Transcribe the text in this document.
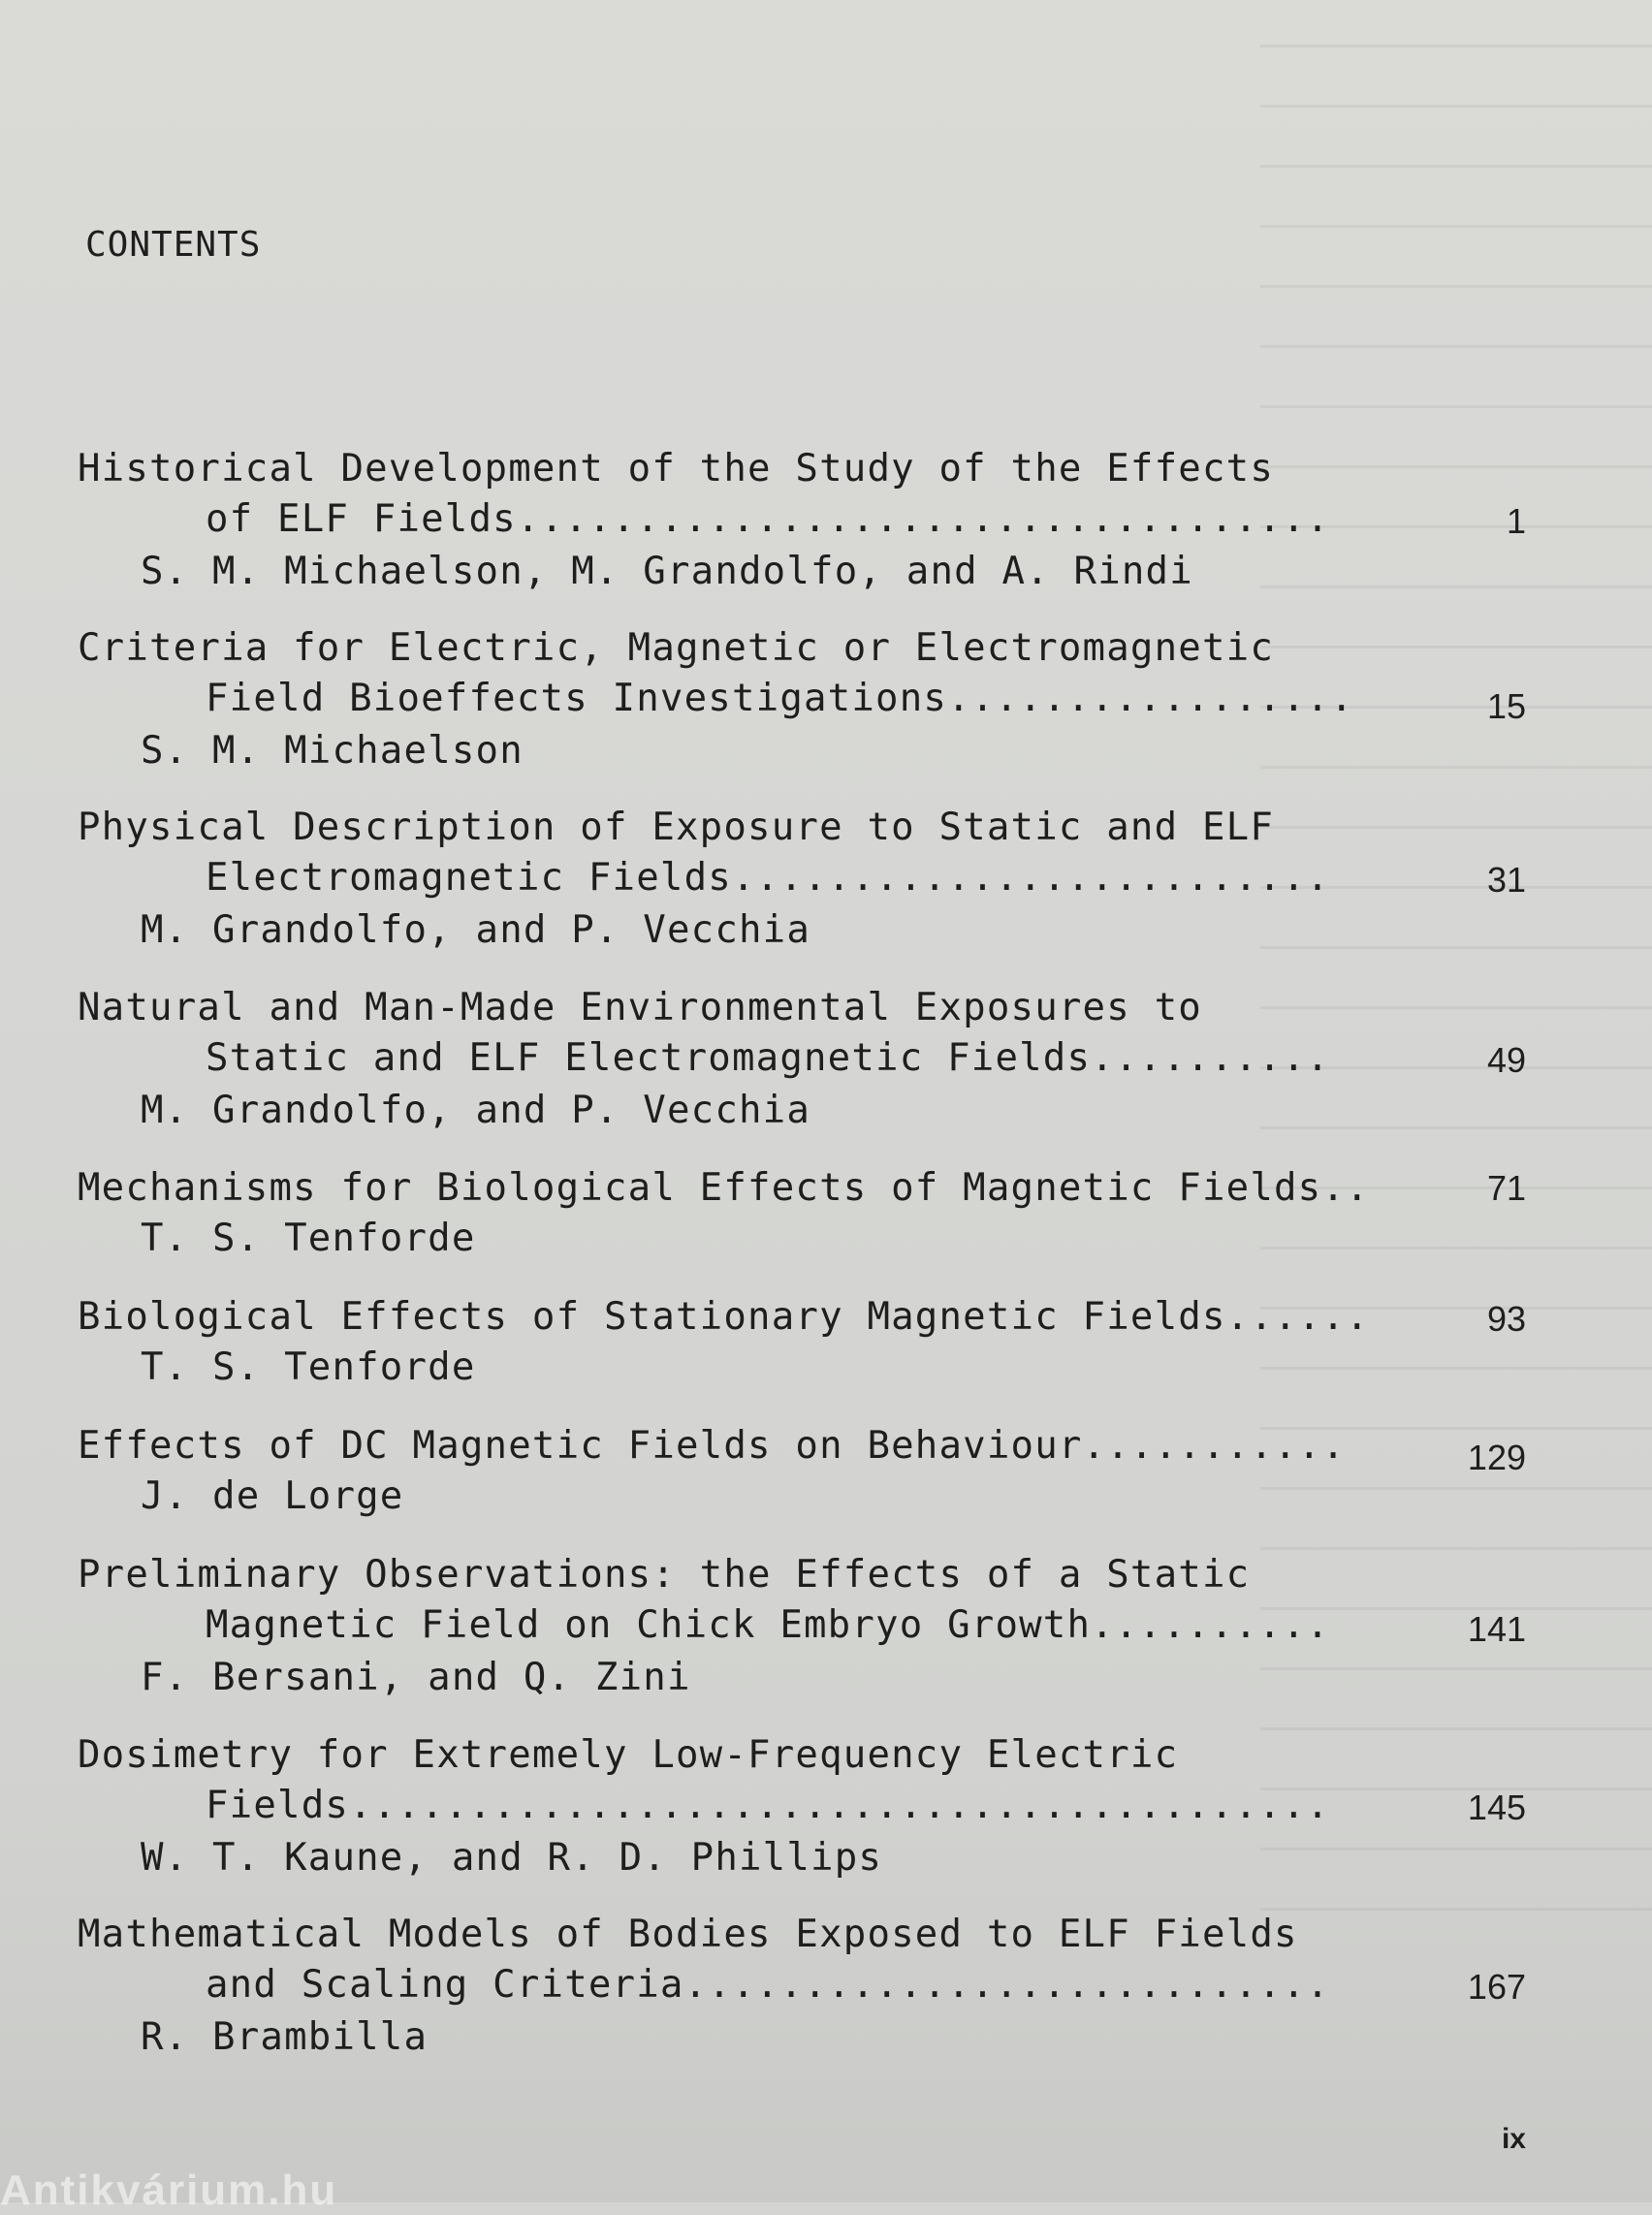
CONTENTS
Historical Development of the Study of the Effects
of ELF Fields..................................	1
S. M. Michaelson, M. Grandolfo, and A. Rindi
Criteria for Electric, Magnetic or Electromagnetic
Field Bioeffects Investigations.................	15
S. M. Michaelson
Physical Description of Exposure to Static and ELF
Electromagnetic Fields.........................	31
M. Grandolfo, and P. Vecchia
Natural and Man-Made Environmental Exposures to
Static and ELF Electromagnetic Fields..........	49
M. Grandolfo, and P. Vecchia
Mechanisms for Biological Effects of Magnetic Fields..	71
T. S. Tenforde
Biological Effects of Stationary Magnetic Fields......	93
T. S. Tenforde
Effects of DC Magnetic Fields on Behaviour...........	129
J. de Lorge
Preliminary Observations: the Effects of a Static
Magnetic Field on Chick Embryo Growth..........	141
F. Bersani, and Q. Zini
Dosimetry for Extremely Low-Frequency Electric
Fields.........................................	145
W. T. Kaune, and R. D. Phillips
Mathematical Models of Bodies Exposed to ELF Fields
and Scaling Criteria...........................	167
R. Brambilla
ix
Antikvárium.hu
